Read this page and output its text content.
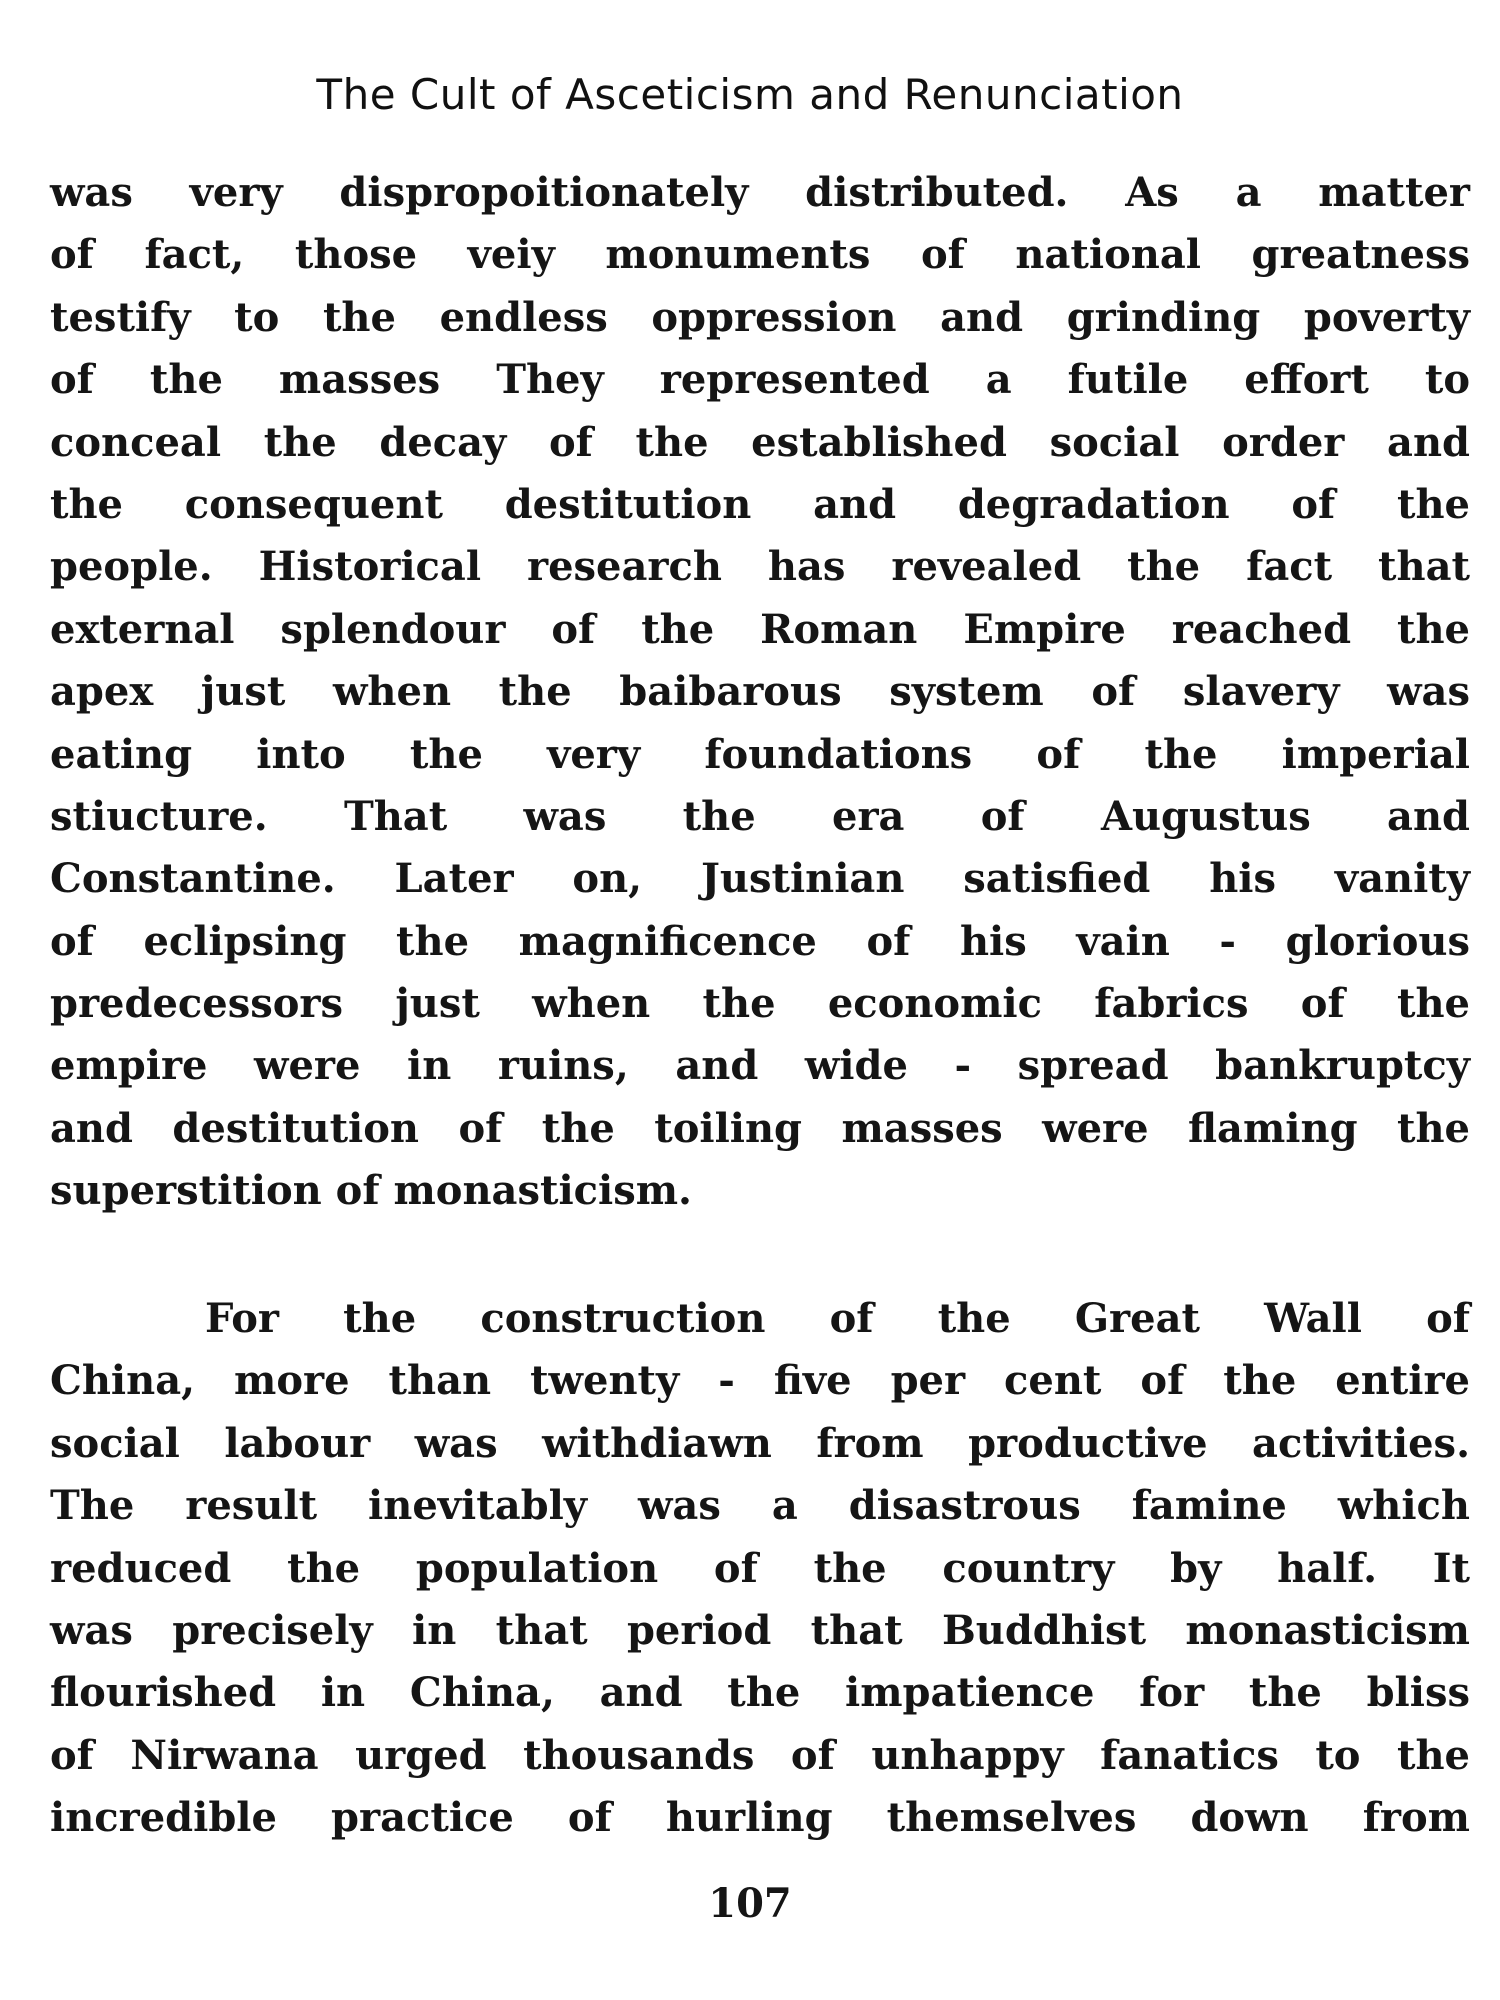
The Cult of Asceticism and Renunciation
was very dispropoitionately distributed. As a matter
of fact, those veiy monuments of national greatness
testify to the endless oppression and grinding poverty
of the masses They represented a futile effort to
conceal the decay of the established social order and
the consequent destitution and degradation of the
people. Historical research has revealed the fact that
external splendour of the Roman Empire reached the
apex just when the baibarous system of slavery was
eating into the very foundations of the imperial
stiucture. That was the era of Augustus and
Constantine. Later on, Justinian satisfied his vanity
of eclipsing the magnificence of his vain - glorious
predecessors just when the economic fabrics of the
empire were in ruins, and wide - spread bankruptcy
and destitution of the toiling masses were flaming the
superstition of monasticism.
For the construction of the Great Wall of
China, more than twenty - five per cent of the entire
social labour was withdiawn from productive activities.
The result inevitably was a disastrous famine which
reduced the population of the country by half. It
was precisely in that period that Buddhist monasticism
flourished in China, and the impatience for the bliss
of Nirwana urged thousands of unhappy fanatics to the
incredible practice of hurling themselves down from
107
